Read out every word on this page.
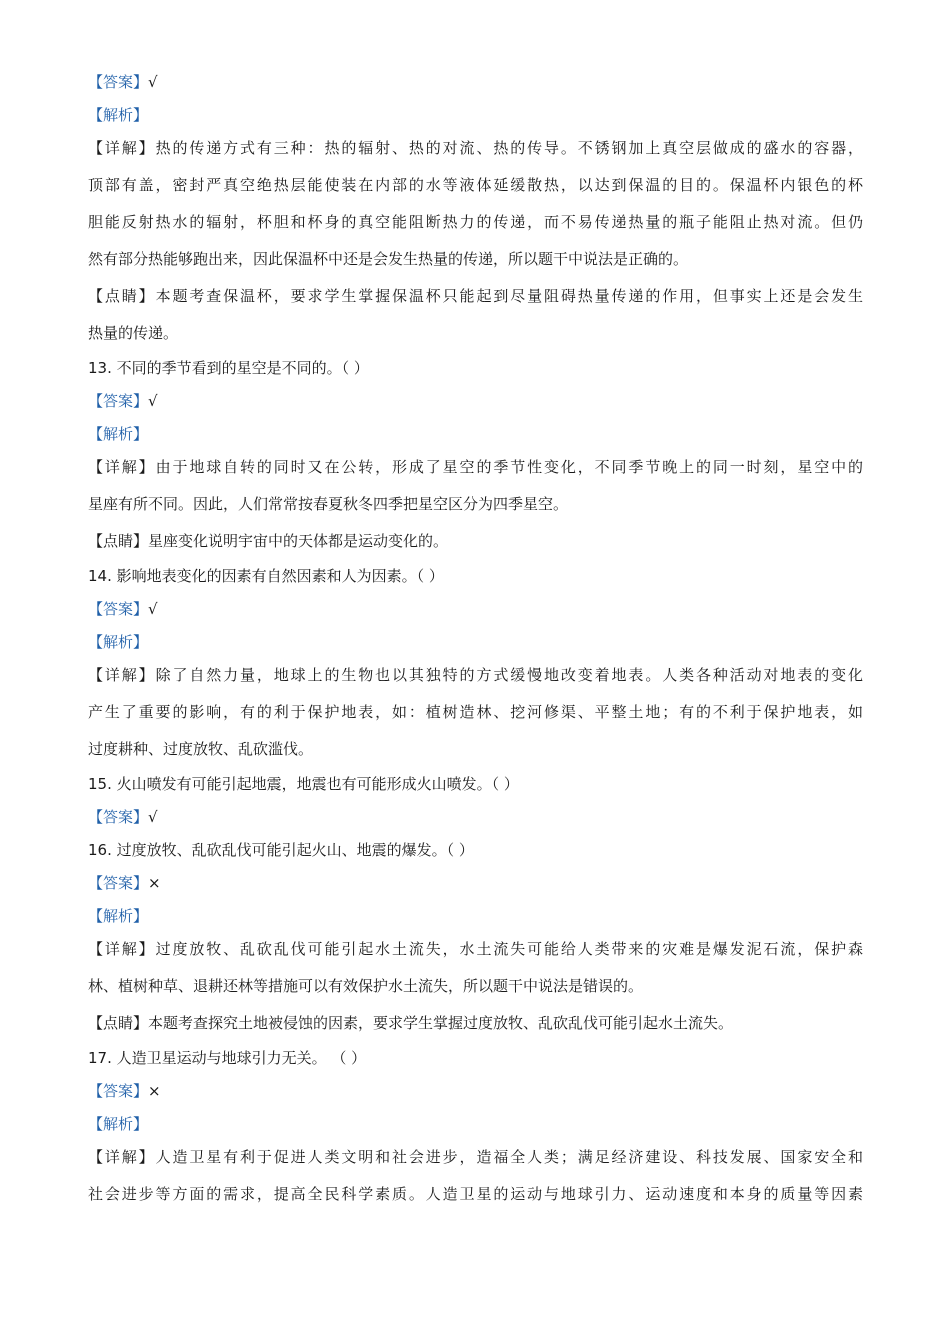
【答案】√

【解析】

【详解】热的传递方式有三种：热的辐射、热的对流、热的传导。不锈钢加上真空层做成的盛水的容器，

顶部有盖，密封严真空绝热层能使装在内部的水等液体延缓散热，以达到保温的目的。保温杯内银色的杯

胆能反射热水的辐射，杯胆和杯身的真空能阻断热力的传递，而不易传递热量的瓶子能阻止热对流。但仍

然有部分热能够跑出来，因此保温杯中还是会发生热量的传递，所以题干中说法是正确的。

【点睛】本题考查保温杯，要求学生掌握保温杯只能起到尽量阻碍热量传递的作用，但事实上还是会发生

热量的传递。

13. 不同的季节看到的星空是不同的。（ ）

【答案】√

【解析】

【详解】由于地球自转的同时又在公转，形成了星空的季节性变化，不同季节晚上的同一时刻，星空中的

星座有所不同。因此，人们常常按春夏秋冬四季把星空区分为四季星空。

【点睛】星座变化说明宇宙中的天体都是运动变化的。

14. 影响地表变化的因素有自然因素和人为因素。（ ）

【答案】√

【解析】

【详解】除了自然力量，地球上的生物也以其独特的方式缓慢地改变着地表。人类各种活动对地表的变化

产生了重要的影响，有的利于保护地表，如：植树造林、挖河修渠、平整土地；有的不利于保护地表，如

过度耕种、过度放牧、乱砍滥伐。

15. 火山喷发有可能引起地震，地震也有可能形成火山喷发。（ ）

【答案】√

16. 过度放牧、乱砍乱伐可能引起火山、地震的爆发。（ ）

【答案】×

【解析】

【详解】过度放牧、乱砍乱伐可能引起水土流失，水土流失可能给人类带来的灾难是爆发泥石流，保护森

林、植树种草、退耕还林等措施可以有效保护水土流失，所以题干中说法是错误的。

【点睛】本题考查探究土地被侵蚀的因素，要求学生掌握过度放牧、乱砍乱伐可能引起水土流失。

17. 人造卫星运动与地球引力无关。 （ ）

【答案】×

【解析】

【详解】人造卫星有利于促进人类文明和社会进步，造福全人类；满足经济建设、科技发展、国家安全和

社会进步等方面的需求，提高全民科学素质。人造卫星的运动与地球引力、运动速度和本身的质量等因素
